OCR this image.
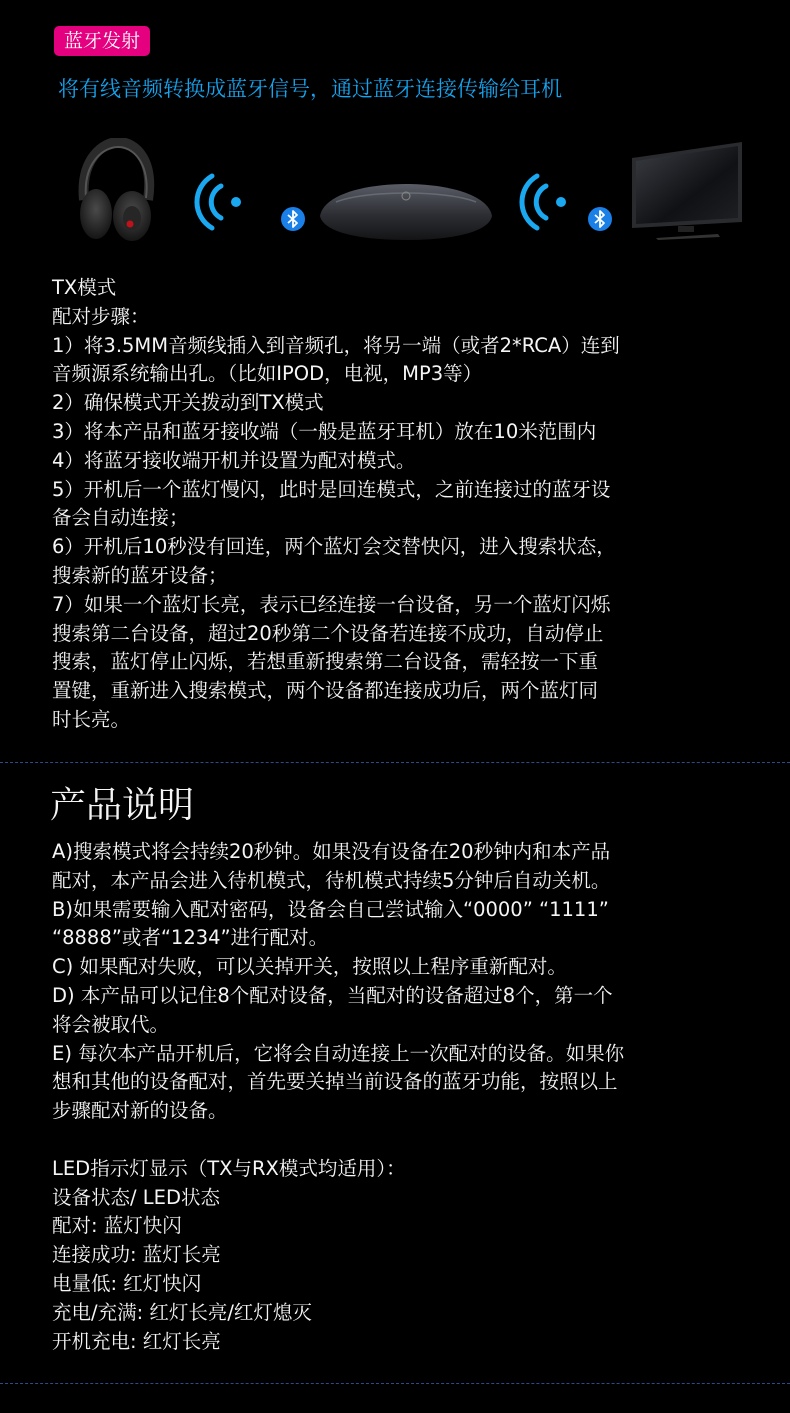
蓝牙发射
将有线音频转换成蓝牙信号，通过蓝牙连接传输给耳机
TX模式
配对步骤：
1）将3.5MM音频线插入到音频孔，将另一端（或者2*RCA）连到
音频源系统输出孔。（比如IPOD，电视，MP3等）
2）确保模式开关拨动到TX模式
3）将本产品和蓝牙接收端（一般是蓝牙耳机）放在10米范围内
4）将蓝牙接收端开机并设置为配对模式。
5）开机后一个蓝灯慢闪，此时是回连模式，之前连接过的蓝牙设
备会自动连接；
6）开机后10秒没有回连，两个蓝灯会交替快闪，进入搜索状态，
搜索新的蓝牙设备；
7）如果一个蓝灯长亮，表示已经连接一台设备，另一个蓝灯闪烁
搜索第二台设备，超过20秒第二个设备若连接不成功，自动停止
搜索，蓝灯停止闪烁，若想重新搜索第二台设备，需轻按一下重
置键，重新进入搜索模式，两个设备都连接成功后，两个蓝灯同
时长亮。
产品说明
A)搜索模式将会持续20秒钟。如果没有设备在20秒钟内和本产品
配对，本产品会进入待机模式，待机模式持续5分钟后自动关机。
B)如果需要输入配对密码，设备会自己尝试输入“0000” “1111”
“8888”或者“1234”进行配对。
C) 如果配对失败，可以关掉开关，按照以上程序重新配对。
D) 本产品可以记住8个配对设备，当配对的设备超过8个，第一个
将会被取代。
E) 每次本产品开机后，它将会自动连接上一次配对的设备。如果你
想和其他的设备配对，首先要关掉当前设备的蓝牙功能，按照以上
步骤配对新的设备。
LED指示灯显示（TX与RX模式均适用）：
设备状态/ LED状态
配对: 蓝灯快闪
连接成功: 蓝灯长亮
电量低: 红灯快闪
充电/充满: 红灯长亮/红灯熄灭
开机充电: 红灯长亮
